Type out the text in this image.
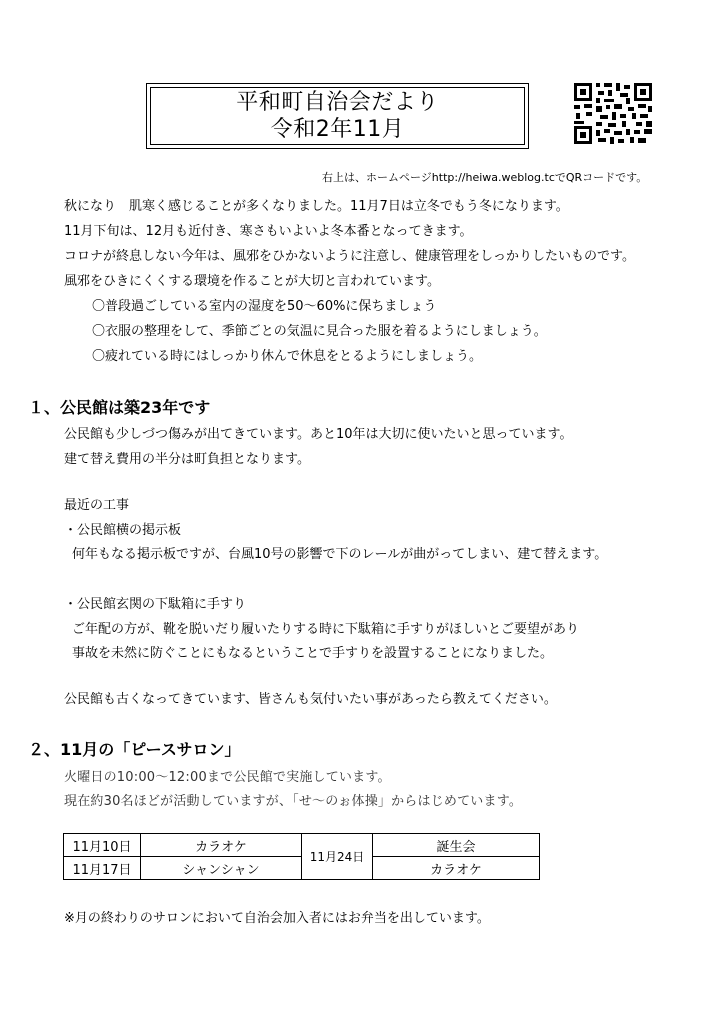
平和町自治会だより
令和2年11月
右上は、ホームページhttp://heiwa.weblog.tcでQRコードです。
秋になり　肌寒く感じることが多くなりました。11月7日は立冬でもう冬になります。
11月下旬は、12月も近付き、寒さもいよいよ冬本番となってきます。
コロナが終息しない今年は、風邪をひかないように注意し、健康管理をしっかりしたいものです。
風邪をひきにくくする環境を作ることが大切と言われています。
〇普段過ごしている室内の湿度を50～60%に保ちましょう
〇衣服の整理をして、季節ごとの気温に見合った服を着るようにしましょう。
〇疲れている時にはしっかり休んで休息をとるようにしましょう。
１、公民館は築23年です
公民館も少しづつ傷みが出てきています。あと10年は大切に使いたいと思っています。
建て替え費用の半分は町負担となります。
最近の工事
・公民館横の掲示板
何年もなる掲示板ですが、台風10号の影響で下のレールが曲がってしまい、建て替えます。
・公民館玄関の下駄箱に手すり
ご年配の方が、靴を脱いだり履いたりする時に下駄箱に手すりがほしいとご要望があり
事故を未然に防ぐことにもなるということで手すりを設置することになりました。
公民館も古くなってきています、皆さんも気付いたい事があったら教えてください。
２、11月の「ピースサロン」
火曜日の10:00～12:00まで公民館で実施しています。
現在約30名ほどが活動していますが、「せ～のぉ体操」からはじめています。
11月10日	カラオケ	11月24日	誕生会
11月17日	シャンシャン		カラオケ
※月の終わりのサロンにおいて自治会加入者にはお弁当を出しています。
